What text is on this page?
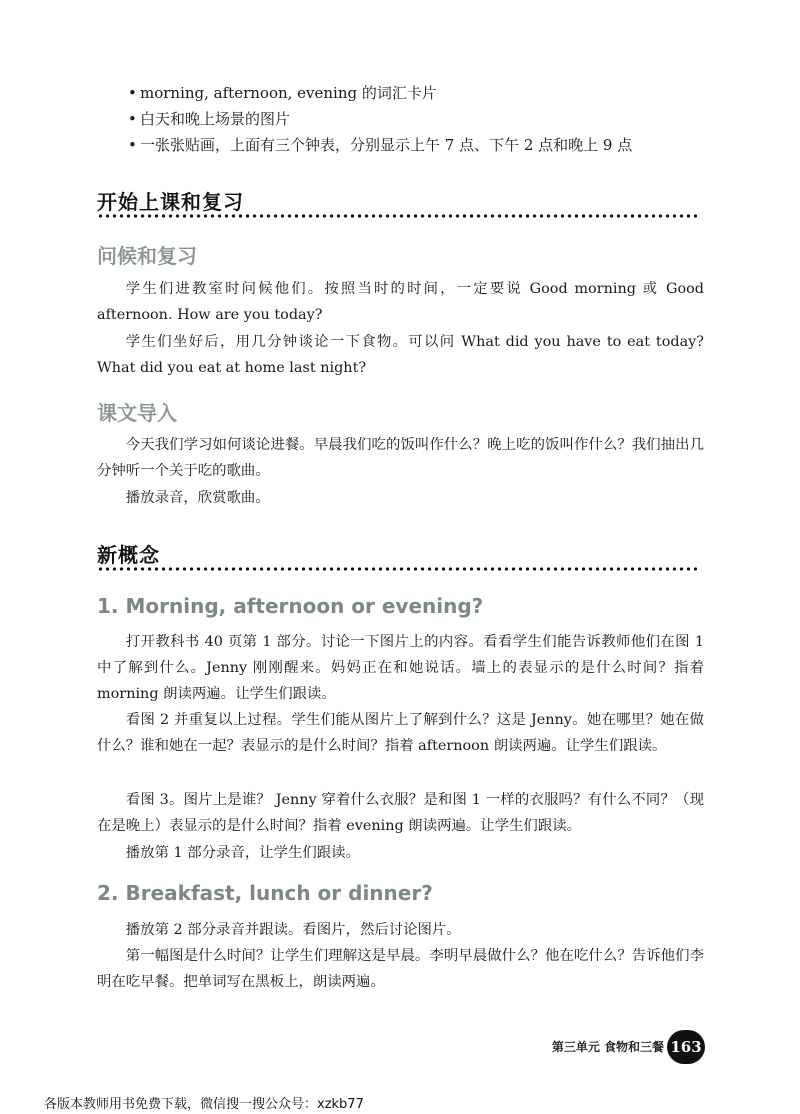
• morning, afternoon, evening 的词汇卡片
• 白天和晚上场景的图片
• 一张张贴画，上面有三个钟表，分别显示上午 7 点、下午 2 点和晚上 9 点
开始上课和复习
问候和复习
学生们进教室时问候他们。按照当时的时间，一定要说 Good morning 或 Good afternoon. How are you today?
学生们坐好后，用几分钟谈论一下食物。可以问 What did you have to eat today? What did you eat at home last night?
课文导入
今天我们学习如何谈论进餐。早晨我们吃的饭叫作什么？晚上吃的饭叫作什么？我们抽出几分钟听一个关于吃的歌曲。
播放录音，欣赏歌曲。
新概念
1. Morning, afternoon or evening?
打开教科书 40 页第 1 部分。讨论一下图片上的内容。看看学生们能告诉教师他们在图 1 中了解到什么。Jenny 刚刚醒来。妈妈正在和她说话。墙上的表显示的是什么时间？指着 morning 朗读两遍。让学生们跟读。
看图 2 并重复以上过程。学生们能从图片上了解到什么？这是 Jenny。她在哪里？她在做什么？谁和她在一起？表显示的是什么时间？指着 afternoon 朗读两遍。让学生们跟读。
看图 3。图片上是谁？ Jenny 穿着什么衣服？是和图 1 一样的衣服吗？有什么不同？（现在是晚上）表显示的是什么时间？指着 evening 朗读两遍。让学生们跟读。
播放第 1 部分录音，让学生们跟读。
2. Breakfast, lunch or dinner?
播放第 2 部分录音并跟读。看图片，然后讨论图片。
第一幅图是什么时间？让学生们理解这是早晨。李明早晨做什么？他在吃什么？告诉他们李明在吃早餐。把单词写在黑板上，朗读两遍。
第三单元 食物和三餐 163
各版本教师用书免费下载，微信搜一搜公众号：xzkb77
